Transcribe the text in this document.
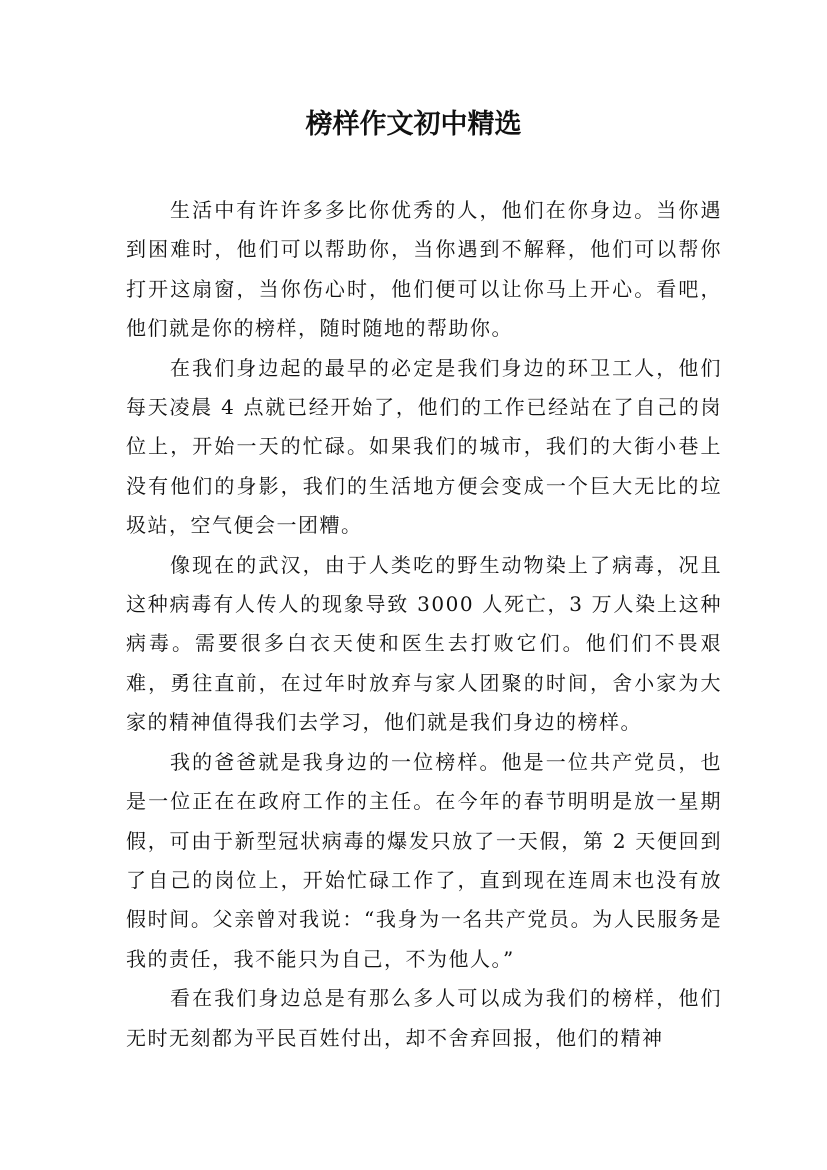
榜样作文初中精选

生活中有许许多多比你优秀的人，他们在你身边。当你遇到困难时，他们可以帮助你，当你遇到不解释，他们可以帮你打开这扇窗，当你伤心时，他们便可以让你马上开心。看吧，他们就是你的榜样，随时随地的帮助你。

在我们身边起的最早的必定是我们身边的环卫工人，他们每天凌晨 4 点就已经开始了，他们的工作已经站在了自己的岗位上，开始一天的忙碌。如果我们的城市，我们的大街小巷上没有他们的身影，我们的生活地方便会变成一个巨大无比的垃圾站，空气便会一团糟。

像现在的武汉，由于人类吃的野生动物染上了病毒，况且这种病毒有人传人的现象导致 3000 人死亡，3 万人染上这种病毒。需要很多白衣天使和医生去打败它们。他们们不畏艰难，勇往直前，在过年时放弃与家人团聚的时间，舍小家为大家的精神值得我们去学习，他们就是我们身边的榜样。

我的爸爸就是我身边的一位榜样。他是一位共产党员，也是一位正在在政府工作的主任。在今年的春节明明是放一星期假，可由于新型冠状病毒的爆发只放了一天假，第 2 天便回到了自己的岗位上，开始忙碌工作了，直到现在连周末也没有放假时间。父亲曾对我说：“我身为一名共产党员。为人民服务是我的责任，我不能只为自己，不为他人。”

看在我们身边总是有那么多人可以成为我们的榜样，他们无时无刻都为平民百姓付出，却不舍弃回报，他们的精神
